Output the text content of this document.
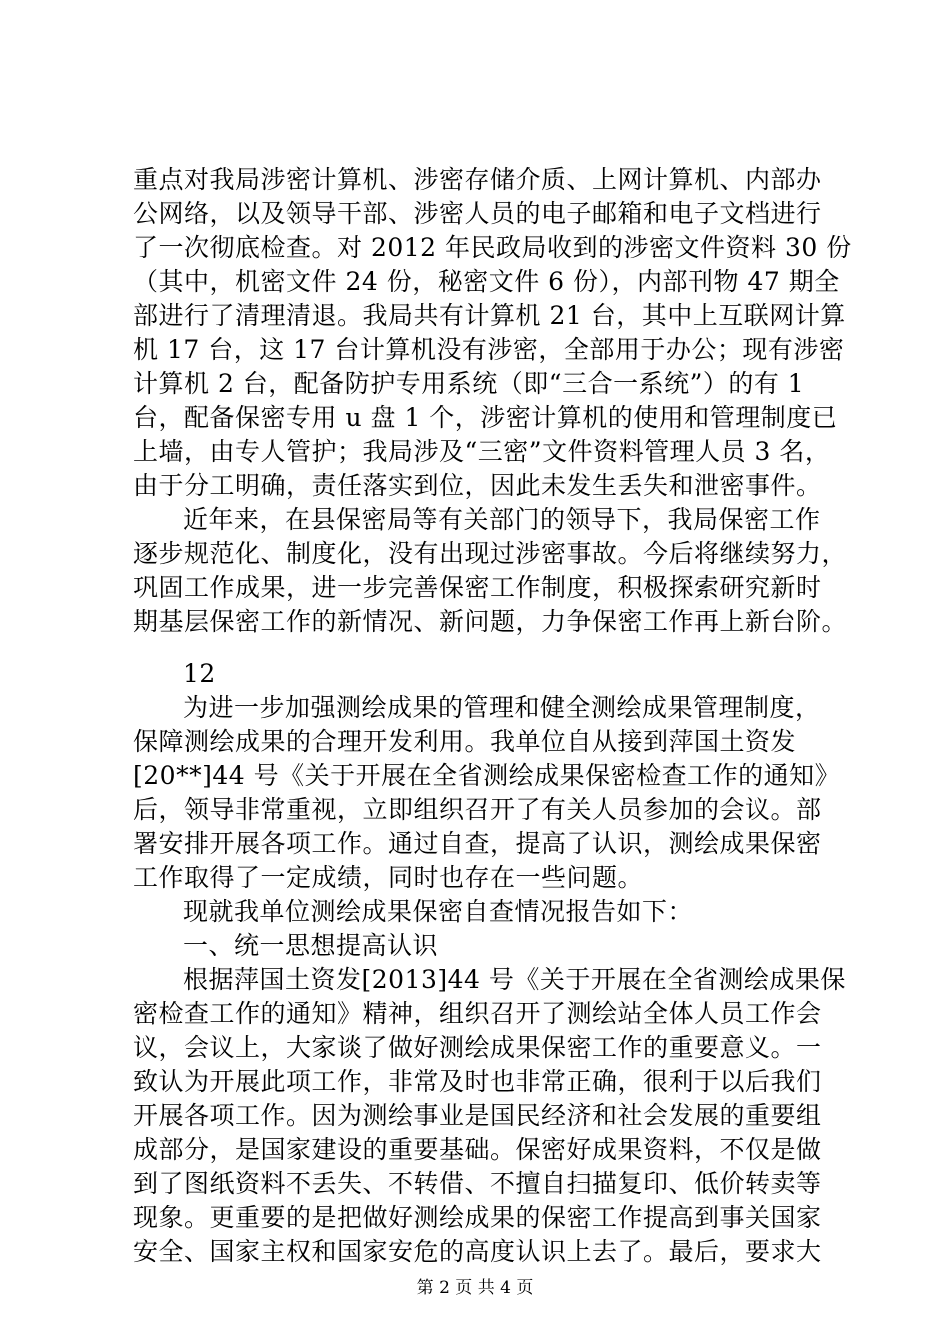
重点对我局涉密计算机、涉密存储介质、上网计算机、内部办
公网络，以及领导干部、涉密人员的电子邮箱和电子文档进行
了一次彻底检查。对 2012 年民政局收到的涉密文件资料 30 份
（其中，机密文件 24 份，秘密文件 6 份），内部刊物 47 期全
部进行了清理清退。我局共有计算机 21 台，其中上互联网计算
机 17 台，这 17 台计算机没有涉密，全部用于办公；现有涉密
计算机 2 台，配备防护专用系统（即“三合一系统”）的有 1
台，配备保密专用 u 盘 1 个，涉密计算机的使用和管理制度已
上墙，由专人管护；我局涉及“三密”文件资料管理人员 3 名，
由于分工明确，责任落实到位，因此未发生丢失和泄密事件。
近年来，在县保密局等有关部门的领导下，我局保密工作
逐步规范化、制度化，没有出现过涉密事故。今后将继续努力，
巩固工作成果，进一步完善保密工作制度，积极探索研究新时
期基层保密工作的新情况、新问题，力争保密工作再上新台阶。
12
为进一步加强测绘成果的管理和健全测绘成果管理制度，
保障测绘成果的合理开发利用。我单位自从接到萍国土资发
[20**]44 号《关于开展在全省测绘成果保密检查工作的通知》
后，领导非常重视，立即组织召开了有关人员参加的会议。部
署安排开展各项工作。通过自查，提高了认识，测绘成果保密
工作取得了一定成绩，同时也存在一些问题。
现就我单位测绘成果保密自查情况报告如下：
一、统一思想提高认识
根据萍国土资发[2013]44 号《关于开展在全省测绘成果保
密检查工作的通知》精神，组织召开了测绘站全体人员工作会
议，会议上，大家谈了做好测绘成果保密工作的重要意义。一
致认为开展此项工作，非常及时也非常正确，很利于以后我们
开展各项工作。因为测绘事业是国民经济和社会发展的重要组
成部分，是国家建设的重要基础。保密好成果资料，不仅是做
到了图纸资料不丢失、不转借、不擅自扫描复印、低价转卖等
现象。更重要的是把做好测绘成果的保密工作提高到事关国家
安全、国家主权和国家安危的高度认识上去了。最后，要求大
第 2 页 共 4 页
